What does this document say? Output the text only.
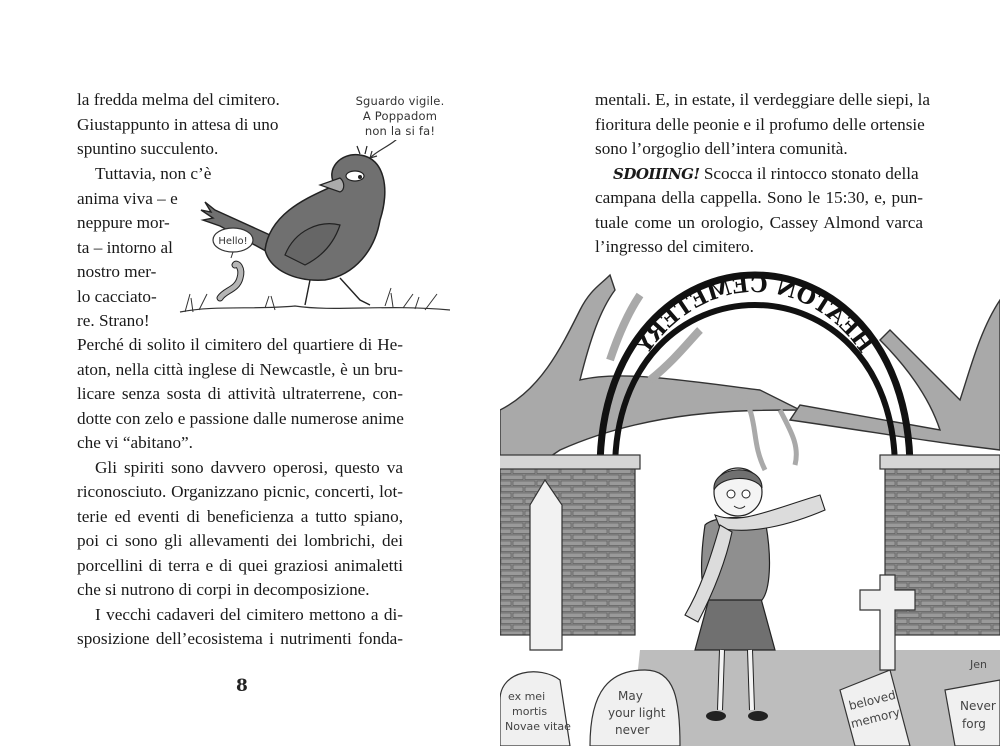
la fredda melma del cimitero.
Giustappunto in attesa di uno
spuntino succulento.
Tuttavia, non c’è
anima viva – e
neppure mor-
ta – intorno al
nostro mer-
lo cacciato-
re. Strano!
Perché di solito il cimitero del quartiere di He-
aton, nella città inglese di Newcastle, è un bru-
licare senza sosta di attività ultraterrene, con-
dotte con zelo e passione dalle numerose anime
che vi “abitano”.
Gli spiriti sono davvero operosi, questo va
riconosciuto. Organizzano picnic, concerti, lot-
terie ed eventi di beneficienza a tutto spiano,
poi ci sono gli allevamenti dei lombrichi, dei
porcellini di terra e di quei graziosi animaletti
che si nutrono di corpi in decomposizione.
I vecchi cadaveri del cimitero mettono a di-
sposizione dell’ecosistema i nutrimenti fonda-
Sguardo vigile.
A Poppadom
non la si fa!
Hello!
8
mentali. E, in estate, il verdeggiare delle siepi, la
fioritura delle peonie e il profumo delle ortensie
sono l’orgoglio dell’intera comunità.
SDOIIING! Scocca il rintocco stonato della
campana della cappella. Sono le 15:30, e, pun-
tuale come un orologio, Cassey Almond varca
l’ingresso del cimitero.
HEATON CEMETERY
ex mei
mortis
Novae vitae
May
your light
never
beloved
memory	Never
forg
Jen
